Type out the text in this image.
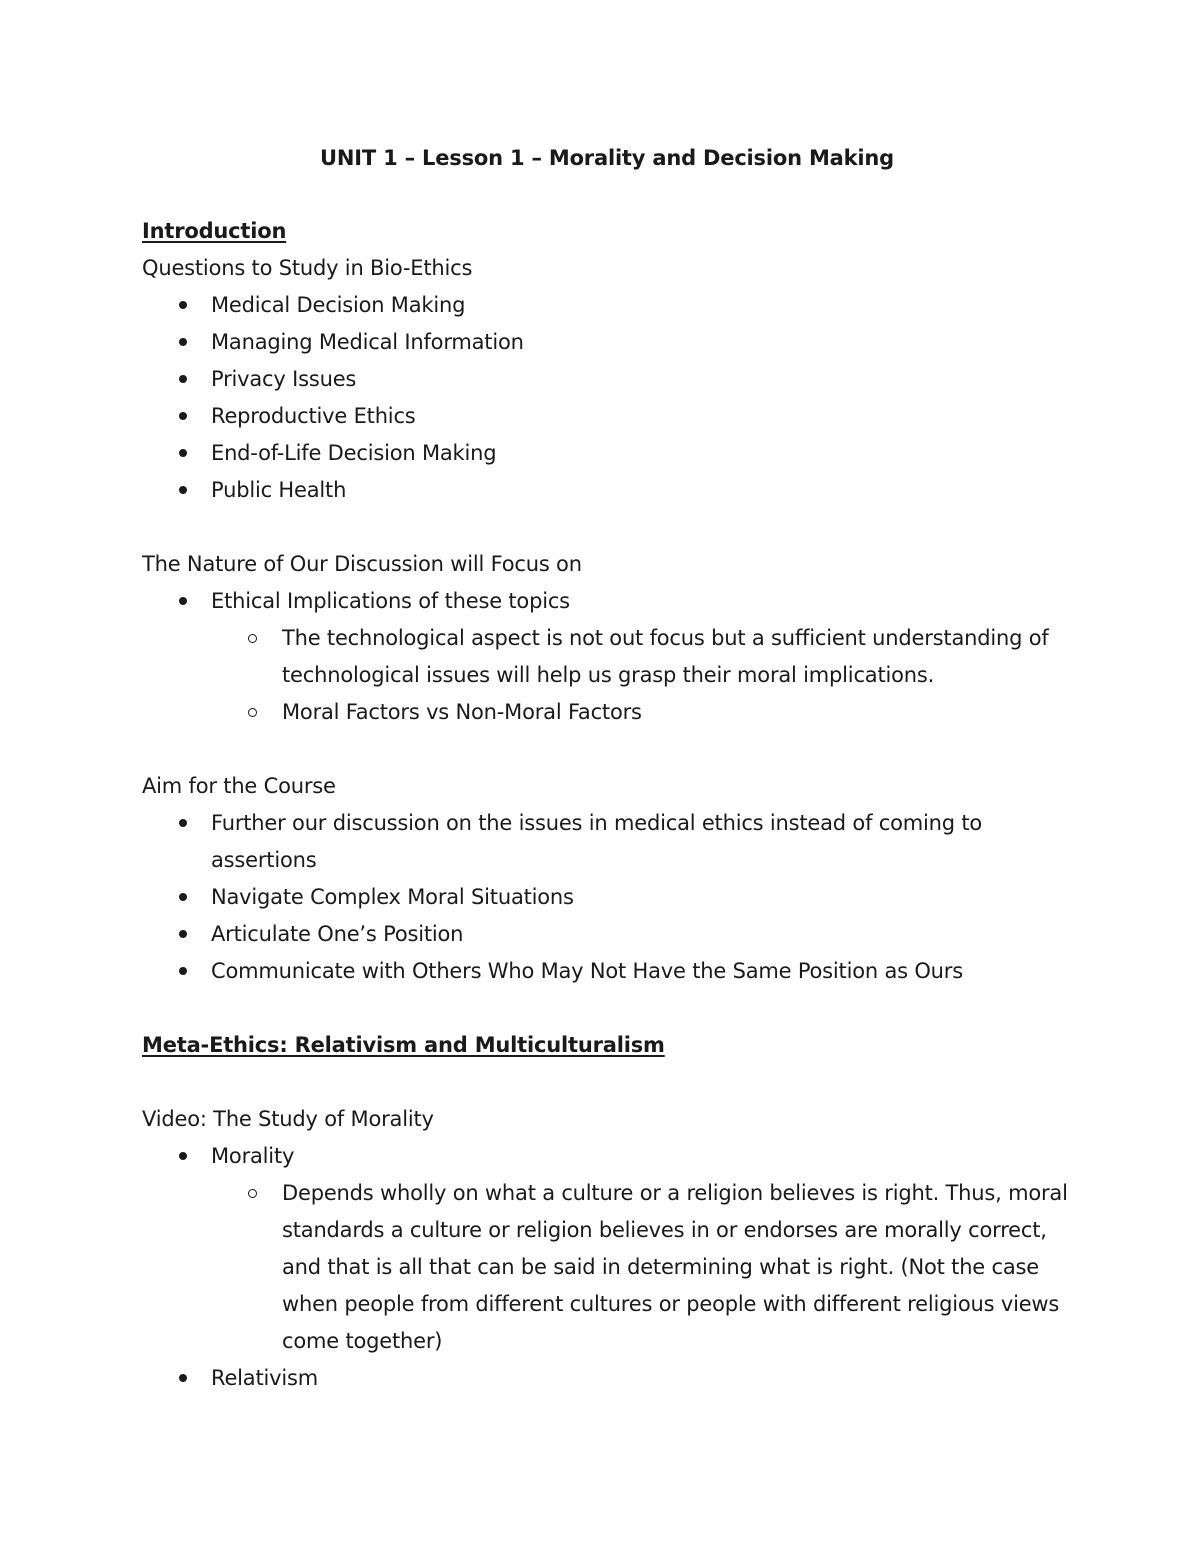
UNIT 1 – Lesson 1 – Morality and Decision Making

Introduction

Questions to Study in Bio-Ethics

Medical Decision Making
Managing Medical Information
Privacy Issues
Reproductive Ethics
End-of-Life Decision Making
Public Health

The Nature of Our Discussion will Focus on

Ethical Implications of these topics
The technological aspect is not out focus but a sufficient understanding of technological issues will help us grasp their moral implications.
Moral Factors vs Non-Moral Factors

Aim for the Course

Further our discussion on the issues in medical ethics instead of coming to assertions
Navigate Complex Moral Situations
Articulate One’s Position
Communicate with Others Who May Not Have the Same Position as Ours

Meta-Ethics: Relativism and Multiculturalism

Video: The Study of Morality

Morality
Depends wholly on what a culture or a religion believes is right. Thus, moral standards a culture or religion believes in or endorses are morally correct, and that is all that can be said in determining what is right. (Not the case when people from different cultures or people with different religious views come together)
Relativism
